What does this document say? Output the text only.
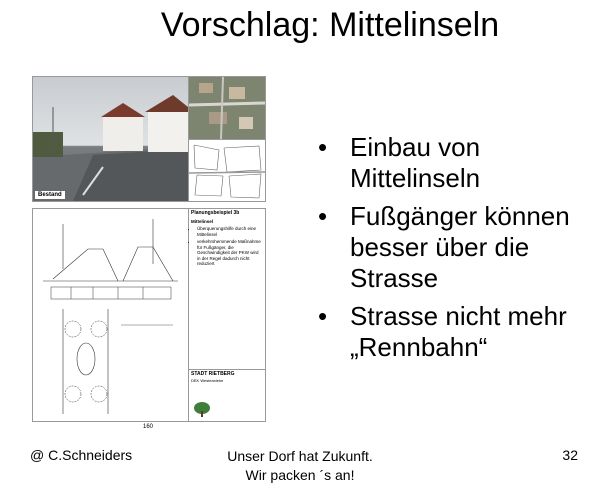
Vorschlag: Mittelinseln
Bestand
Planungsbeispiel 3b
Mittelinsel
• Überquerungshilfe durch eine Mittelinsel
• verkehrshemmende Maßnahme für Fußgänger, die Geschwindigkeit der PKW wird in der Regel dadurch nicht reduziert
STADT RIETBERG
DEK Westerwiehe
160
• Einbau von Mittelinseln
• Fußgänger können besser über die Strasse
• Strasse nicht mehr „Rennbahn“
@ C.Schneiders	Unser Dorf hat Zukunft.
Wir packen ´s an!
32
